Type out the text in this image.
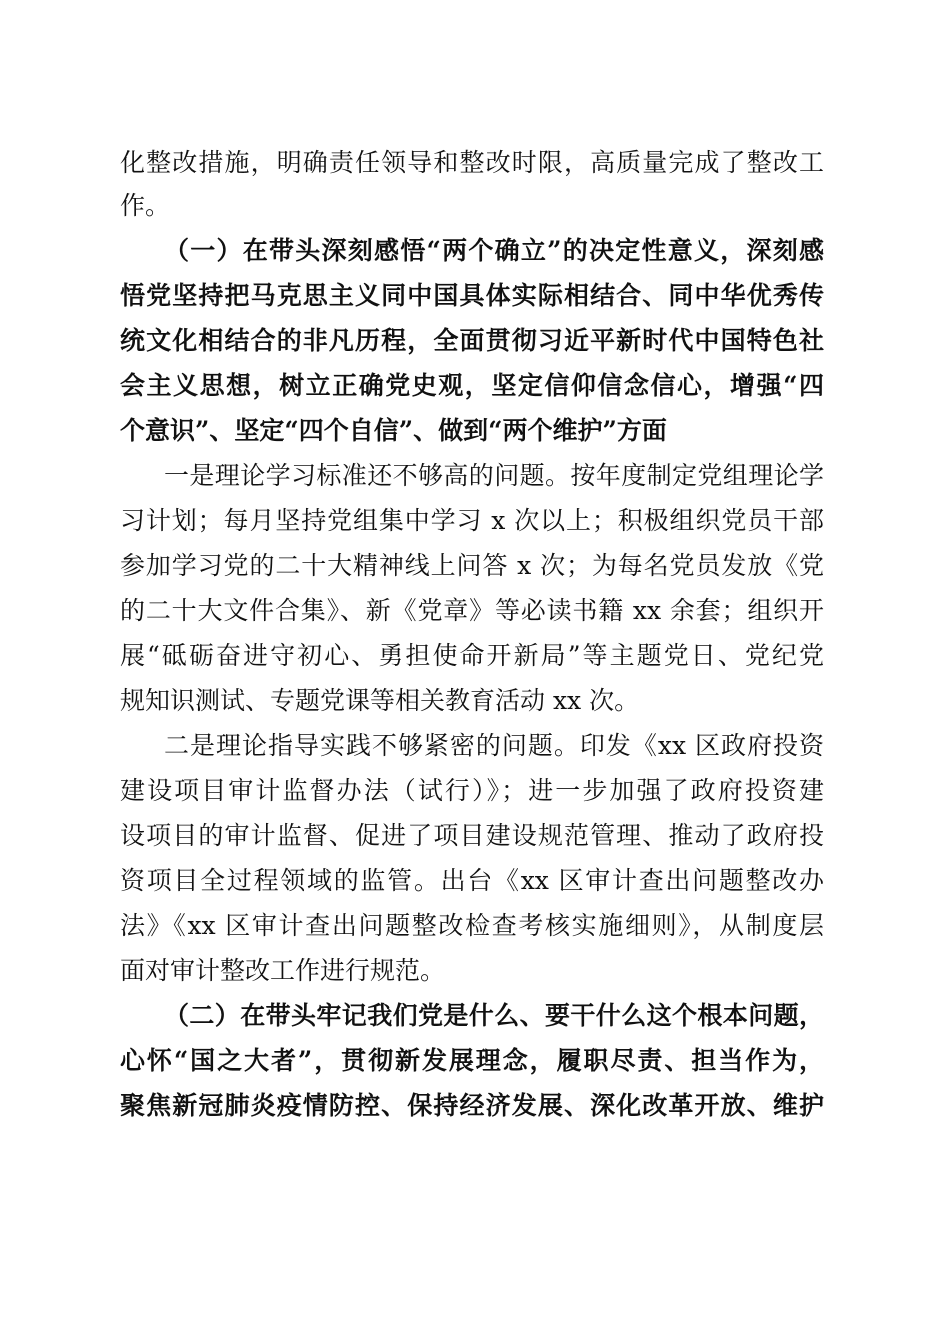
化整改措施，明确责任领导和整改时限，高质量完成了整改工
作。
（一）在带头深刻感悟“两个确立”的决定性意义，深刻感
悟党坚持把马克思主义同中国具体实际相结合、同中华优秀传
统文化相结合的非凡历程，全面贯彻习近平新时代中国特色社
会主义思想，树立正确党史观，坚定信仰信念信心，增强“四
个意识”、坚定“四个自信”、做到“两个维护”方面
一是理论学习标准还不够高的问题。按年度制定党组理论学
习计划；每月坚持党组集中学习 x 次以上；积极组织党员干部
参加学习党的二十大精神线上问答 x 次；为每名党员发放《党
的二十大文件合集》、新《党章》等必读书籍 xx 余套；组织开
展“砥砺奋进守初心、勇担使命开新局”等主题党日、党纪党
规知识测试、专题党课等相关教育活动 xx 次。
二是理论指导实践不够紧密的问题。印发《xx 区政府投资
建设项目审计监督办法（试行）》；进一步加强了政府投资建
设项目的审计监督、促进了项目建设规范管理、推动了政府投
资项目全过程领域的监管。出台《xx 区审计查出问题整改办
法》《xx 区审计查出问题整改检查考核实施细则》，从制度层
面对审计整改工作进行规范。
（二）在带头牢记我们党是什么、要干什么这个根本问题，
心怀“国之大者”，贯彻新发展理念，履职尽责、担当作为，
聚焦新冠肺炎疫情防控、保持经济发展、深化改革开放、维护
